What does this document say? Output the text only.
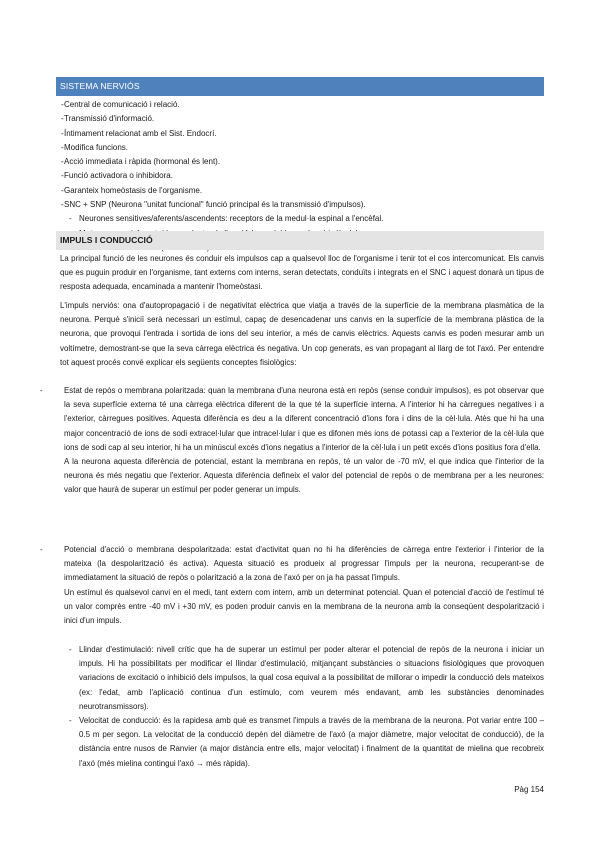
SISTEMA NERVIÓS
- Central de comunicació i relació.
- Transmissió d'informació.
- Íntimament relacionat amb el Sist. Endocrí.
- Modifica funcions.
- Acció immediata i ràpida (hormonal és lent).
- Funció activadora o inhibidora.
- Garanteix homeòstasis de l'organisme.
- SNC + SNP (Neurona "unitat funcional" funció principal és la transmissió d'impulsos).
- Neurones sensitives/aferents/ascendents: receptors de la medul·la espinal a l'encèfal.
IMPULS I CONDUCCIÓ

La principal funció de les neurones és conduir els impulsos cap a qualsevol lloc de l'organisme i tenir tot el cos intercomunicat. Els canvis que es puguin produir en l'organisme, tant externs com interns, seran detectats, conduïts i integrats en el SNC i aquest donarà un tipus de resposta adequada, encaminada a mantenir l'homeòstasi.

L'impuls nerviós: ona d'autopropagació i de negativitat elèctrica que viatja a través de la superfície de la membrana plasmàtica de la neurona. Perquè s'iniciï serà necessari un estímul, capaç de desencadenar uns canvis en la superfície de la membrana plàstica de la neurona, que provoqui l'entrada i sortida de ions del seu interior, a més de canvis elèctrics. Aquests canvis es poden mesurar amb un voltímetre, demostrant-se que la seva càrrega elèctrica és negativa. Un cop generats, es van propagant al llarg de tot l'axó. Per entendre tot aquest procés convé explicar els següents conceptes fisiològics:

-	Estat de repòs o membrana polaritzada: quan la membrana d'una neurona està en repòs (sense conduir impulsos), es pot observar que la seva superfície externa té una càrrega elèctrica diferent de la que té la superfície interna. A l'interior hi ha càrregues negatives i a l'exterior, càrregues positives. Aquesta diferència es deu a la diferent concentració d'ions fora i dins de la cèl·lula. Atès que hi ha una major concentració de ions de sodi extracel·lular que intracel·lular i que es difonen més ions de potassi cap a l'exterior de la cèl·lula que ions de sodi cap al seu interior, hi ha un minúscul excés d'ions negatius a l'interior de la cèl·lula i un petit excés d'ions positius fora d'ella.

A la neurona aquesta diferència de potencial, estant la membrana en repòs, té un valor de -70 mV, el que indica que l'interior de la neurona és més negatiu que l'exterior. Aquesta diferència defineix el valor del potencial de repòs o de membrana per a les neurones: valor que haurà de superar un estímul per poder generar un impuls.

-	Potencial d'acció o membrana despolaritzada: estat d'activitat quan no hi ha diferències de càrrega entre l'exterior i l'interior de la mateixa (la despolarització és activa). Aquesta situació es produeix al progressar l'impuls per la neurona, recuperant-se de immediatament la situació de repòs o polarització a la zona de l'axó per on ja ha passat l'impuls.

Un estímul és qualsevol canvi en el medi, tant extern com intern, amb un determinat potencial. Quan el potencial d'acció de l'estímul té un valor comprès entre -40 mV i +30 mV, es poden produir canvis en la membrana de la neurona amb la conseqüent despolarització i inici d'un impuls.

- Llindar d'estimulació: nivell crític que ha de superar un estímul per poder alterar el potencial de repòs de la neurona i iniciar un impuls. Hi ha possibilitats per modificar el llindar d'estimulació, mitjançant substàncies o situacions fisiològiques que provoquen variacions de excitació o inhibició dels impulsos, la qual cosa equival a la possibilitat de millorar o impedir la conducció dels mateixos (ex: l'edat, amb l'aplicació continua d'un estímulo, com veurem més endavant, amb les substàncies denominades neurotransmissors).

- Velocitat de conducció: és la rapidesa amb què es transmet l'impuls a través de la membrana de la neurona. Pot variar entre 100 – 0.5 m per segon. La velocitat de la conducció depèn del diàmetre de l'axó (a major diàmetre, major velocitat de conducció), de la distància entre nusos de Ranvier (a major distància entre ells, major velocitat) i finalment de la quantitat de mielina que recobreix l'axó (més mielina contingui l'axó → més ràpida).

Pàg 154
